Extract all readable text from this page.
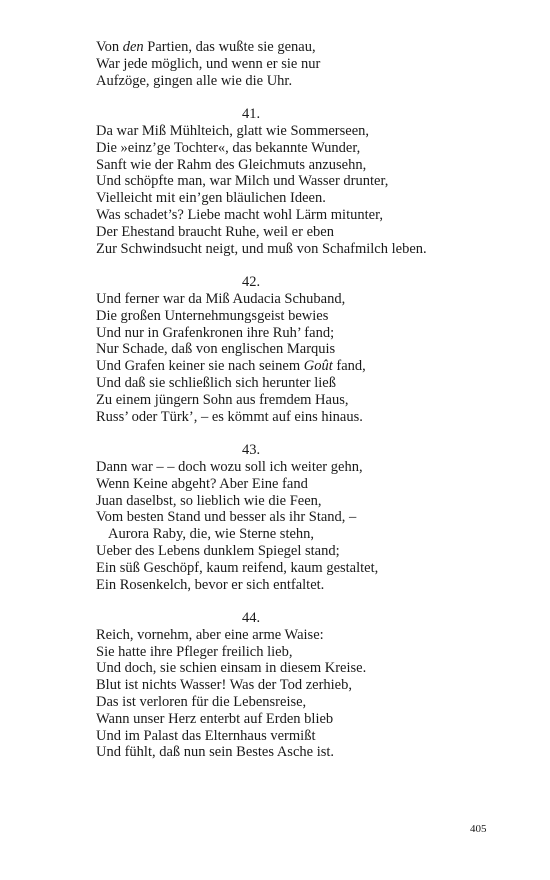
Von den Partien, das wußte sie genau,
War jede möglich, und wenn er sie nur
Aufzöge, gingen alle wie die Uhr.
41.
Da war Miß Mühlteich, glatt wie Sommerseen,
Die »einz’ge Tochter«, das bekannte Wunder,
Sanft wie der Rahm des Gleichmuts anzusehn,
Und schöpfte man, war Milch und Wasser drunter,
Vielleicht mit ein’gen bläulichen Ideen.
Was schadet’s? Liebe macht wohl Lärm mitunter,
Der Ehestand braucht Ruhe, weil er eben
Zur Schwindsucht neigt, und muß von Schafmilch leben.
42.
Und ferner war da Miß Audacia Schuband,
Die großen Unternehmungsgeist bewies
Und nur in Grafenkronen ihre Ruh’ fand;
Nur Schade, daß von englischen Marquis
Und Grafen keiner sie nach seinem Goût fand,
Und daß sie schließlich sich herunter ließ
Zu einem jüngern Sohn aus fremdem Haus,
Russ’ oder Türk’, – es kömmt auf eins hinaus.
43.
Dann war – – doch wozu soll ich weiter gehn,
Wenn Keine abgeht? Aber Eine fand
Juan daselbst, so lieblich wie die Feen,
Vom besten Stand und besser als ihr Stand, –
Aurora Raby, die, wie Sterne stehn,
Ueber des Lebens dunklem Spiegel stand;
Ein süß Geschöpf, kaum reifend, kaum gestaltet,
Ein Rosenkelch, bevor er sich entfaltet.
44.
Reich, vornehm, aber eine arme Waise:
Sie hatte ihre Pfleger freilich lieb,
Und doch, sie schien einsam in diesem Kreise.
Blut ist nichts Wasser! Was der Tod zerhieb,
Das ist verloren für die Lebensreise,
Wann unser Herz enterbt auf Erden blieb
Und im Palast das Elternhaus vermißt
Und fühlt, daß nun sein Bestes Asche ist.
405
